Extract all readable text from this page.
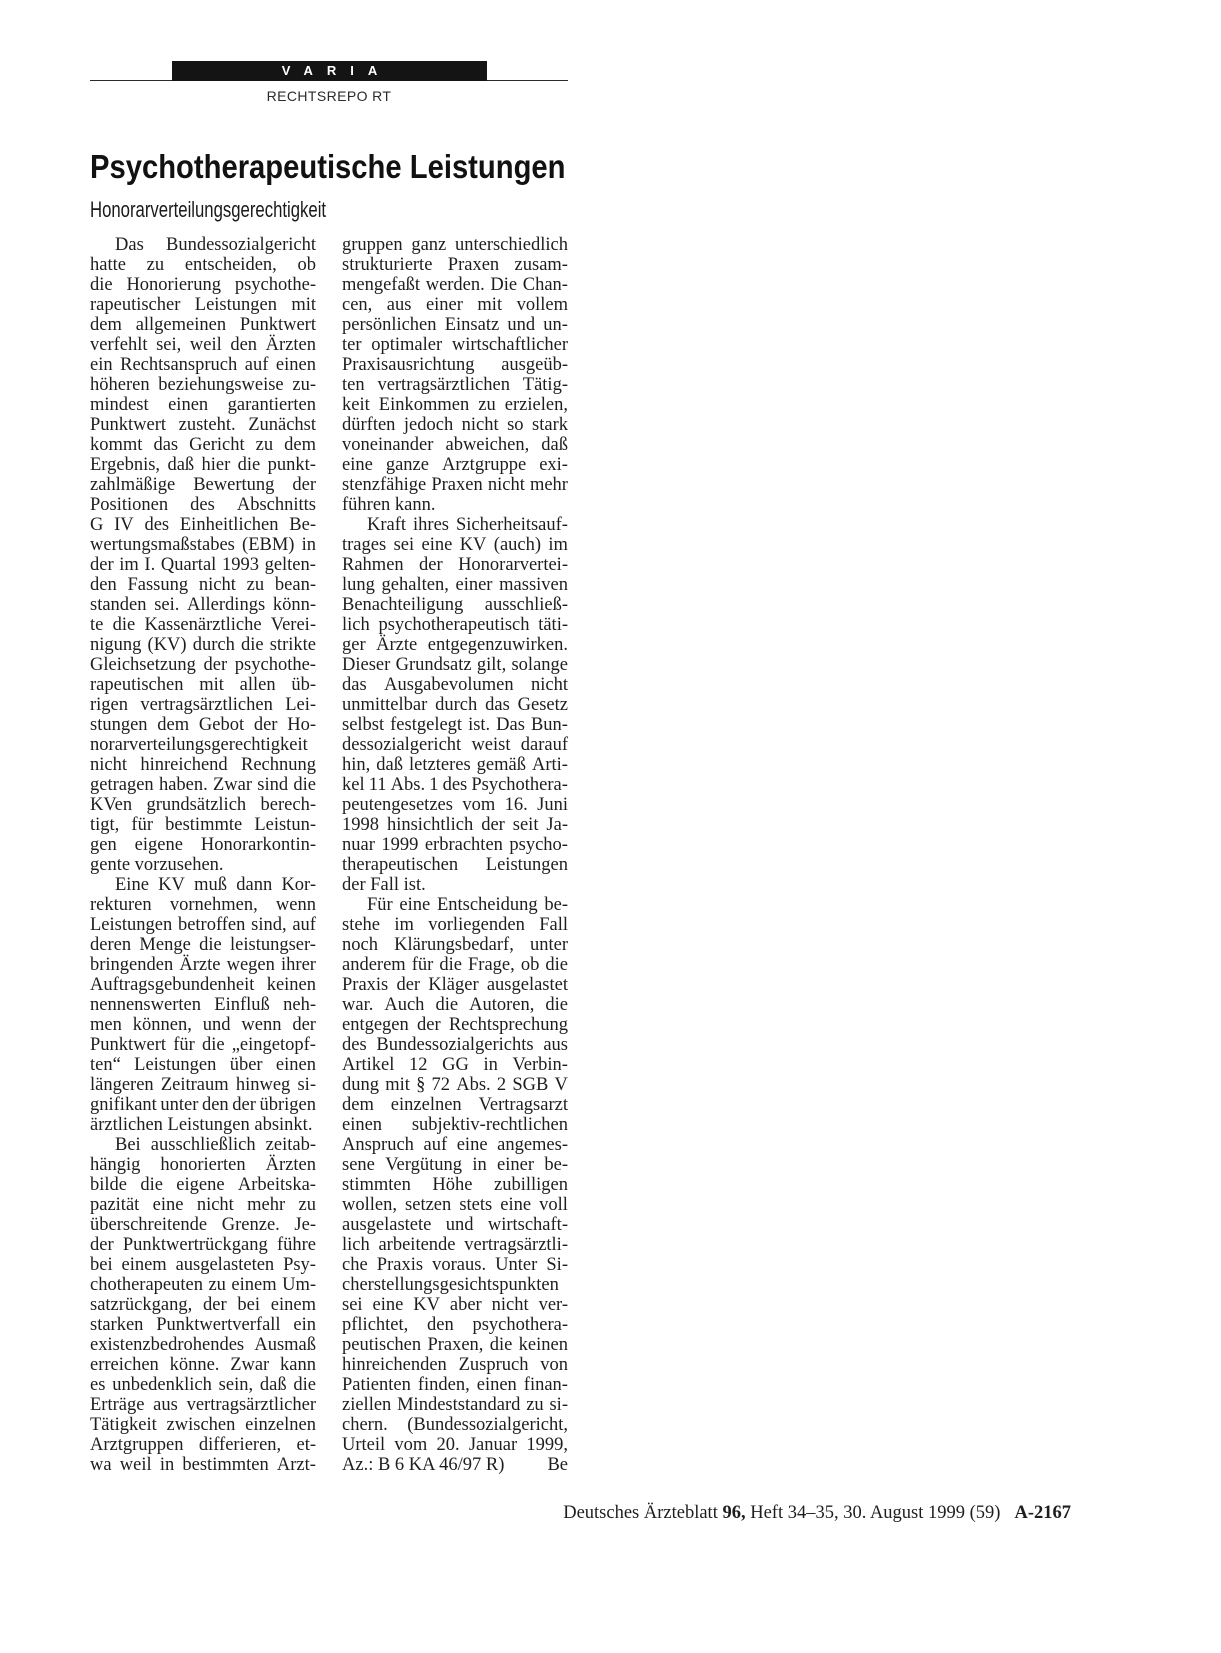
VARIA
RECHTSREPO RT
Psychotherapeutische Leistungen
Honorarverteilungsgerechtigkeit
Das Bundessozialgericht
hatte zu entscheiden, ob
die Honorierung psychothe-
rapeutischer Leistungen mit
dem allgemeinen Punktwert
verfehlt sei, weil den Ärzten
ein Rechtsanspruch auf einen
höheren beziehungsweise zu-
mindest einen garantierten
Punktwert zusteht. Zunächst
kommt das Gericht zu dem
Ergebnis, daß hier die punkt-
zahlmäßige Bewertung der
Positionen des Abschnitts
G IV des Einheitlichen Be-
wertungsmaßstabes (EBM) in
der im I. Quartal 1993 gelten-
den Fassung nicht zu bean-
standen sei. Allerdings könn-
te die Kassenärztliche Verei-
nigung (KV) durch die strikte
Gleichsetzung der psychothe-
rapeutischen mit allen üb-
rigen vertragsärztlichen Lei-
stungen dem Gebot der Ho-
norarverteilungsgerechtigkeit
nicht hinreichend Rechnung
getragen haben. Zwar sind die
KVen grundsätzlich berech-
tigt, für bestimmte Leistun-
gen eigene Honorarkontin-
gente vorzusehen.
Eine KV muß dann Kor-
rekturen vornehmen, wenn
Leistungen betroffen sind, auf
deren Menge die leistungser-
bringenden Ärzte wegen ihrer
Auftragsgebundenheit keinen
nennenswerten Einfluß neh-
men können, und wenn der
Punktwert für die „eingetopf-
ten“ Leistungen über einen
längeren Zeitraum hinweg si-
gnifikant unter den der übrigen
ärztlichen Leistungen absinkt.
Bei ausschließlich zeitab-
hängig honorierten Ärzten
bilde die eigene Arbeitska-
pazität eine nicht mehr zu
überschreitende Grenze. Je-
der Punktwertrückgang führe
bei einem ausgelasteten Psy-
chotherapeuten zu einem Um-
satzrückgang, der bei einem
starken Punktwertverfall ein
existenzbedrohendes Ausmaß
erreichen könne. Zwar kann
es unbedenklich sein, daß die
Erträge aus vertragsärztlicher
Tätigkeit zwischen einzelnen
Arztgruppen differieren, et-
wa weil in bestimmten Arzt-
gruppen ganz unterschiedlich
strukturierte Praxen zusam-
mengefaßt werden. Die Chan-
cen, aus einer mit vollem
persönlichen Einsatz und un-
ter optimaler wirtschaftlicher
Praxisausrichtung ausgeüb-
ten vertragsärztlichen Tätig-
keit Einkommen zu erzielen,
dürften jedoch nicht so stark
voneinander abweichen, daß
eine ganze Arztgruppe exi-
stenzfähige Praxen nicht mehr
führen kann.
Kraft ihres Sicherheitsauf-
trages sei eine KV (auch) im
Rahmen der Honorarvertei-
lung gehalten, einer massiven
Benachteiligung ausschließ-
lich psychotherapeutisch täti-
ger Ärzte entgegenzuwirken.
Dieser Grundsatz gilt, solange
das Ausgabevolumen nicht
unmittelbar durch das Gesetz
selbst festgelegt ist. Das Bun-
dessozialgericht weist darauf
hin, daß letzteres gemäß Arti-
kel 11 Abs. 1 des Psychothera-
peutengesetzes vom 16. Juni
1998 hinsichtlich der seit Ja-
nuar 1999 erbrachten psycho-
therapeutischen Leistungen
der Fall ist.
Für eine Entscheidung be-
stehe im vorliegenden Fall
noch Klärungsbedarf, unter
anderem für die Frage, ob die
Praxis der Kläger ausgelastet
war. Auch die Autoren, die
entgegen der Rechtsprechung
des Bundessozialgerichts aus
Artikel 12 GG in Verbin-
dung mit § 72 Abs. 2 SGB V
dem einzelnen Vertragsarzt
einen subjektiv-rechtlichen
Anspruch auf eine angemes-
sene Vergütung in einer be-
stimmten Höhe zubilligen
wollen, setzen stets eine voll
ausgelastete und wirtschaft-
lich arbeitende vertragsärztli-
che Praxis voraus. Unter Si-
cherstellungsgesichtspunkten
sei eine KV aber nicht ver-
pflichtet, den psychothera-
peutischen Praxen, die keinen
hinreichenden Zuspruch von
Patienten finden, einen finan-
ziellen Mindeststandard zu si-
chern. (Bundessozialgericht,
Urteil vom 20. Januar 1999,
Az.: B 6 KA 46/97 R) Be
Deutsches Ärzteblatt 96, Heft 34–35, 30. August 1999 (59) A-2167
